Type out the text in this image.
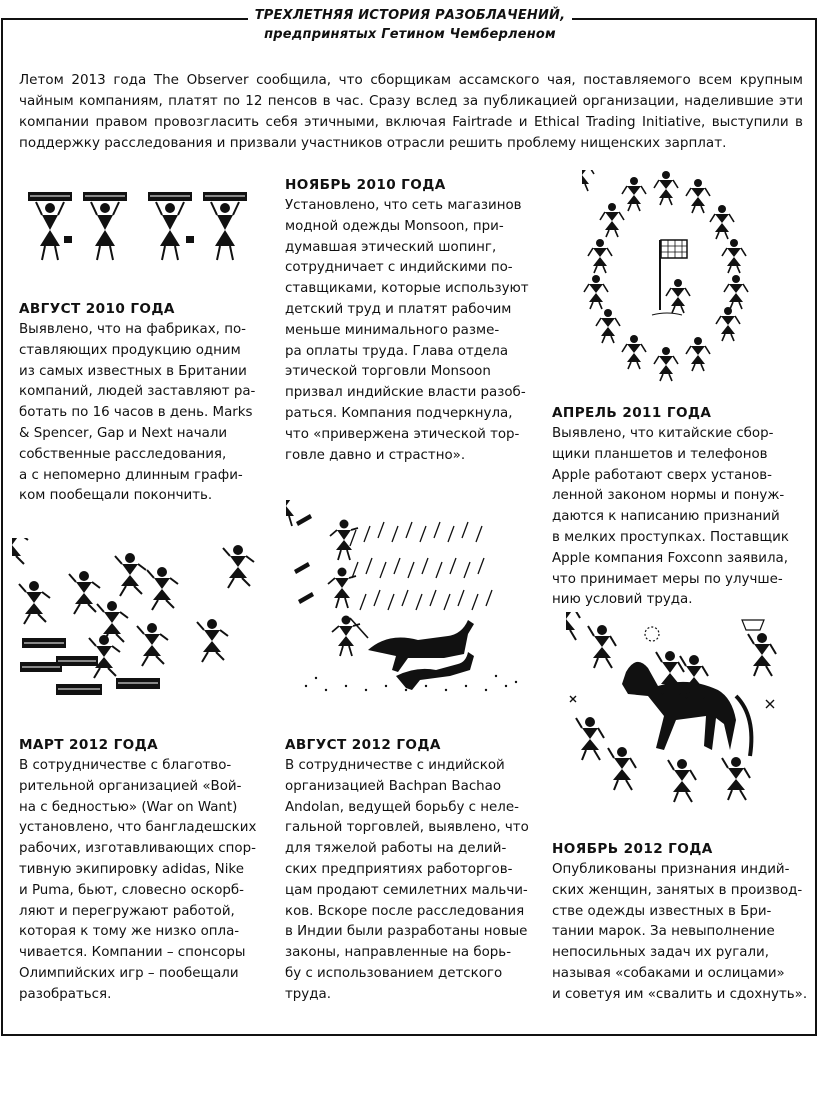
ТРЕХЛЕТНЯЯ ИСТОРИЯ РАЗОБЛАЧЕНИЙ,
предпринятых Гетином Чемберленом
Летом 2013 года The Observer сообщила, что сборщикам ассамского чая, поставляемого всем крупным чайным компаниям, платят по 12 пенсов в час. Сразу вслед за публикацией организации, наделившие эти компании правом провозгласить себя этичными, включая Fairtrade и Ethical Trading Initiative, выступили в поддержку расследования и призвали участников отрасли решить проблему нищенских зарплат.
АВГУСТ 2010 ГОДА

Выявлено, что на фабриках, по-
ставляющих продукцию одним
из самых известных в Британии
компаний, людей заставляют ра-
ботать по 16 часов в день. Marks
& Spencer, Gap и Next начали
собственные расследования,
а с непомерно длинным графи-
ком пообещали покончить.

НОЯБРЬ 2010 ГОДА

Установлено, что сеть магазинов
модной одежды Monsoon, при-
думавшая этический шопинг,
сотрудничает с индийскими по-
ставщиками, которые используют
детский труд и платят рабочим
меньше минимального разме-
ра оплаты труда. Глава отдела
этической торговли Monsoon
призвал индийские власти разоб-
раться. Компания подчеркнула,
что «привержена этической тор-
говле давно и страстно».

АПРЕЛЬ 2011 ГОДА

Выявлено, что китайские сбор-
щики планшетов и телефонов
Apple работают сверх установ-
ленной законом нормы и понуж-
даются к написанию признаний
в мелких проступках. Поставщик
Apple компания Foxconn заявила,
что принимает меры по улучше-
нию условий труда.

МАРТ 2012 ГОДА

В сотрудничестве с благотво-
рительной организацией «Вой-
на с бедностью» (War on Want)
установлено, что бангладешских
рабочих, изготавливающих спор-
тивную экипировку adidas, Nike
и Puma, бьют, словесно оскорб-
ляют и перегружают работой,
которая к тому же низко опла-
чивается. Компании – спонсоры
Олимпийских игр – пообещали
разобраться.

АВГУСТ 2012 ГОДА

В сотрудничестве с индийской
организацией Bachpan Bachao
Andolan, ведущей борьбу с неле-
гальной торговлей, выявлено, что
для тяжелой работы на делий-
ских предприятиях работоргов-
цам продают семилетних мальчи-
ков. Вскоре после расследования
в Индии были разработаны новые
законы, направленные на борь-
бу с использованием детского
труда.

НОЯБРЬ 2012 ГОДА

Опубликованы признания индий-
ских женщин, занятых в производ-
стве одежды известных в Бри-
тании марок. За невыполнение
непосильных задач их ругали,
называя «собаками и ослицами»
и советуя им «свалить и сдохнуть».
